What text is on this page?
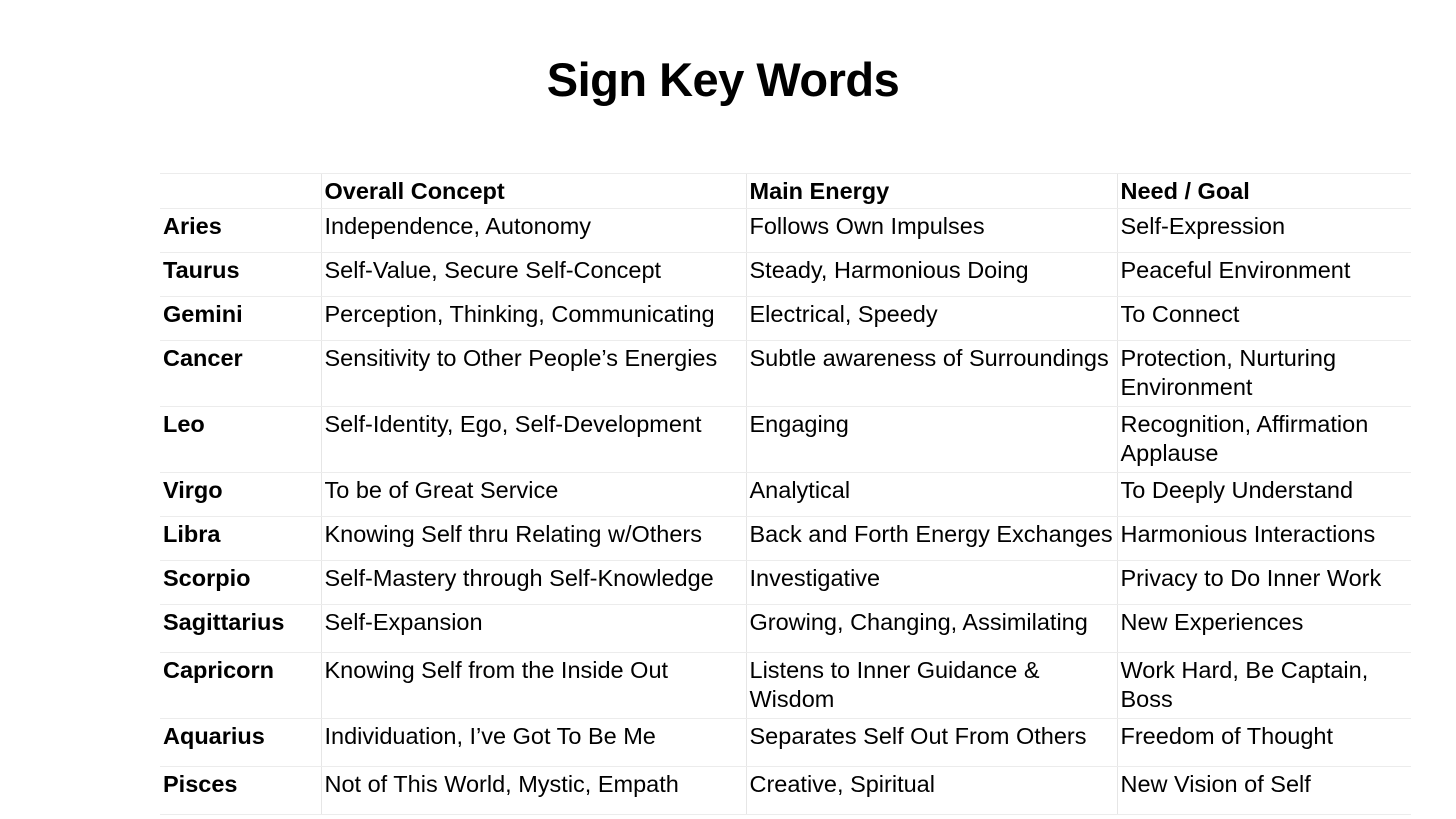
Sign Key Words
	Overall Concept	Main Energy	Need / Goal
Aries	Independence, Autonomy	Follows Own Impulses	Self-Expression
Taurus	Self-Value, Secure Self-Concept	Steady, Harmonious Doing	Peaceful Environment
Gemini	Perception, Thinking, Communicating	Electrical, Speedy	To Connect
Cancer	Sensitivity to Other People’s Energies	Subtle awareness of Surroundings	Protection, Nurturing Environment
Leo	Self-Identity, Ego, Self-Development	Engaging	Recognition, Affirmation Applause
Virgo	To be of Great Service	Analytical	To Deeply Understand
Libra	Knowing Self thru Relating w/Others	Back and Forth Energy Exchanges	Harmonious Interactions
Scorpio	Self-Mastery through Self-Knowledge	Investigative	Privacy to Do Inner Work
Sagittarius	Self-Expansion	Growing, Changing, Assimilating	New Experiences
Capricorn	Knowing Self from the Inside Out	Listens to Inner Guidance & Wisdom	Work Hard, Be Captain, Boss
Aquarius	Individuation, I’ve Got To Be Me	Separates Self Out From Others	Freedom of Thought
Pisces	Not of This World, Mystic, Empath	Creative, Spiritual	New Vision of Self
